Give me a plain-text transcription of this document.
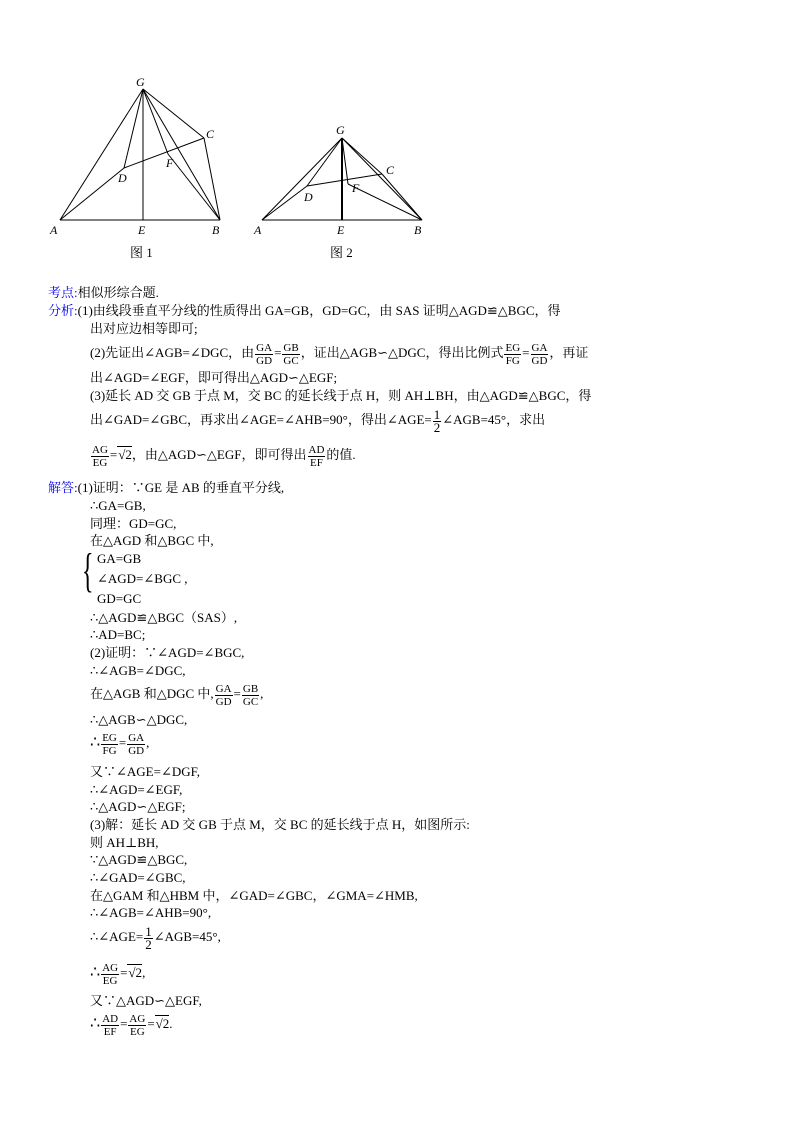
G
C
D
F
A	E	B
图 1
G
C
D
F
A	E	B
图 2
考点:相似形综合题.
分析:(1)由线段垂直平分线的性质得出 GA=GB，GD=GC，由 SAS 证明△AGD≌△BGC，得
出对应边相等即可;
(2)先证出∠AGB=∠DGC，由 $\frac{GA}{GD} = \frac{GB}{GC}$ ，证出△AGB∽△DGC，得出比例式 $\frac{EG}{FG} = \frac{GA}{GD}$ ，再证
出∠AGD=∠EGF，即可得出△AGD∽△EGF;
(3)延长 AD 交 GB 于点 M，交 BC 的延长线于点 H，则 AH⊥BH，由△AGD≌△BGC，得
出∠GAD=∠GBC，再求出∠AGE=∠AHB=90°，得出∠AGE= $\frac{1}{2}$ ∠AGB=45°，求出
$\frac{AG}{EG} =√2$，由△AGD∽△EGF，即可得出 $\frac{AD}{EF}$ 的值.
解答:(1)证明：∵GE 是 AB 的垂直平分线,
∴GA=GB,
同理：GD=GC,
在△AGD 和△BGC 中,
{ GA=GB
∠AGD=∠BGC ,
GD=GC
∴△AGD≌△BGC（SAS）,
∴AD=BC;
(2)证明：∵∠AGD=∠BGC,
∴∠AGB=∠DGC,
在△AGB 和△DGC 中, $\frac{GA}{GD} = \frac{GB}{GC}$ ,
∴△AGB∽△DGC,
∴ $\frac{EG}{FG} = \frac{GA}{GD}$ ,
又∵∠AGE=∠DGF,
∴∠AGD=∠EGF,
∴△AGD∽△EGF;
(3)解：延长 AD 交 GB 于点 M，交 BC 的延长线于点 H，如图所示:
则 AH⊥BH,
∵△AGD≌△BGC,
∴∠GAD=∠GBC,
在△GAM 和△HBM 中，∠GAD=∠GBC，∠GMA=∠HMB,
∴∠AGB=∠AHB=90°,
∴∠AGE= $\frac{1}{2}$ ∠AGB=45°,
∴ $\frac{AG}{EG} =√2$,
又∵△AGD∽△EGF,
∴ $\frac{AD}{EF} = \frac{AG}{EG} =√2$.
